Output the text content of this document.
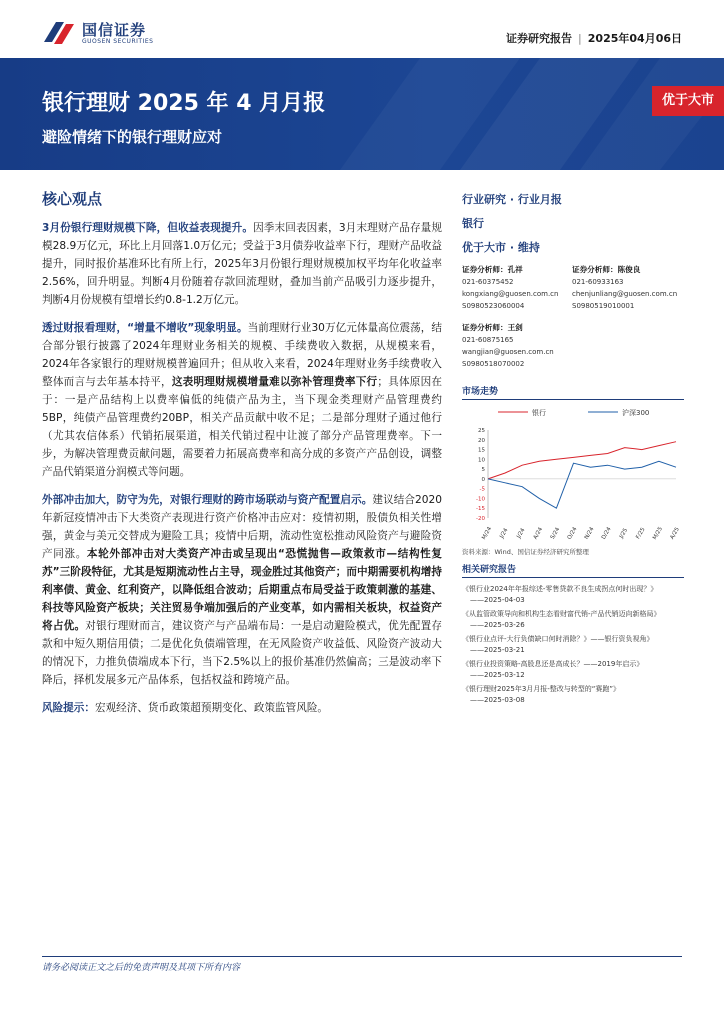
国信证券
GUOSEN SECURITIES	证券研究报告 | 2025年04月06日
银行理财 2025 年 4 月月报
避险情绪下的银行理财应对
优于大市
核心观点

3月份银行理财规模下降，但收益表现提升。因季末回表因素，3月末理财产品存量规模28.9万亿元，环比上月回落1.0万亿元；受益于3月债券收益率下行，理财产品收益提升，同时报价基准环比有所上行，2025年3月份银行理财规模加权平均年化收益率2.56%，回升明显。判断4月份随着存款回流理财，叠加当前产品吸引力逐步提升，判断4月份规模有望增长约0.8-1.2万亿元。

透过财报看理财，“增量不增收”现象明显。当前理财行业30万亿元体量高位震荡，结合部分银行披露了2024年理财业务相关的规模、手续费收入数据，从规模来看，2024年各家银行的理财规模普遍回升；但从收入来看，2024年理财业务手续费收入整体而言与去年基本持平，这表明理财规模增量难以弥补管理费率下行；具体原因在于：一是产品结构上以费率偏低的纯债产品为主，当下现金类理财产品管理费约5BP，纯债产品管理费约20BP，相关产品贡献中收不足；二是部分理财子通过他行（尤其农信体系）代销拓展渠道，相关代销过程中让渡了部分产品管理费率。下一步，为解决管理费贡献问题，需要着力拓展高费率和高分成的多资产产品创设，调整产品代销渠道分润模式等问题。

外部冲击加大，防守为先，对银行理财的跨市场联动与资产配置启示。建议结合2020年新冠疫情冲击下大类资产表现进行资产价格冲击应对：疫情初期，股债负相关性增强，黄金与美元交替成为避险工具；疫情中后期，流动性宽松推动风险资产与避险资产同涨。本轮外部冲击对大类资产冲击或呈现出“恐慌抛售—政策救市—结构性复苏”三阶段特征，尤其是短期流动性占主导，现金胜过其他资产；而中期需要机构增持利率债、黄金、红利资产，以降低组合波动；后期重点布局受益于政策刺激的基建、科技等风险资产板块；关注贸易争端加强后的产业变革，如内需相关板块，权益资产将占优。对银行理财而言，建议资产与产品端布局：一是启动避险模式，优先配置存款和中短久期信用债；二是优化负债端管理，在无风险资产收益低、风险资产波动大的情况下，力推负债端成本下行，当下2.5%以上的报价基准仍然偏高；三是波动率下降后，择机发展多元产品体系，包括权益和跨境产品。

风险提示：宏观经济、货币政策超预期变化、政策监管风险。

行业研究 · 行业月报
银行
优于大市 · 维持
证券分析师：孔祥
021-60375452
kongxiang@guosen.com.cn
S0980523060004
证券分析师：陈俊良
021-60933163
chenjunliang@guosen.com.cn
S0980519010001
证券分析师：王剑
021-60875165
wangjian@guosen.com.cn
S0980518070002
市场走势
银行	沪深300
25
20
15
10
5
0
-5
-10
-15
-20
M/24 J/24 J/24 A/24 S/24 O/24 N/24 D/24 J/25 F/25 M/25 A/25
资料来源：Wind、国信证券经济研究所整理
相关研究报告
《银行业2024年年报综述-零售贷款不良生成拐点何时出现？》
——2025-04-03
《从监管政策导向和机构生态看财富代销-产品代销迈向新格局》
——2025-03-26
《银行业点评-大行负债缺口何时消除？》——银行资负视角》
——2025-03-21
《银行业投资策略-高股息还是高成长？——2019年启示》
——2025-03-12
《银行理财2025年3月月报-整改与转型的“赛跑”》
——2025-03-08
请务必阅读正文之后的免责声明及其项下所有内容
